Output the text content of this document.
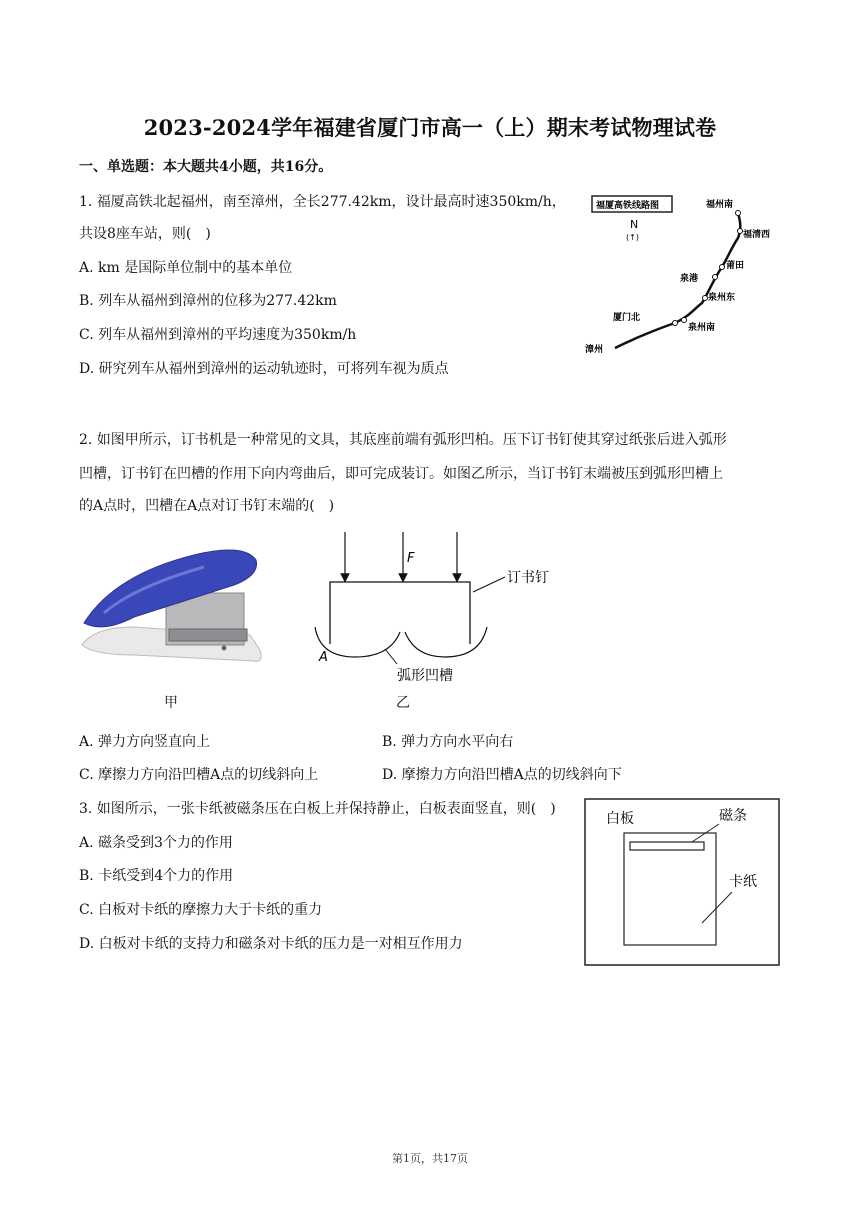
2023-2024学年福建省厦门市高一（上）期末考试物理试卷
一、单选题：本大题共4小题，共16分。
1. 福厦高铁北起福州，南至漳州，全长277.42km，设计最高时速350km/h，
共设8座车站，则(　)
A. km 是国际单位制中的基本单位
B. 列车从福州到漳州的位移为277.42km
C. 列车从福州到漳州的平均速度为350km/h
D. 研究列车从福州到漳州的运动轨迹时，可将列车视为质点
福厦高铁线路图
N
(↑)
福州南
福清西
莆田
泉港
泉州东
泉州南
厦门北
漳州
2. 如图甲所示，订书机是一种常见的文具，其底座前端有弧形凹柏。压下订书钉使其穿过纸张后进入弧形
凹槽，订书钉在凹槽的作用下向内弯曲后，即可完成装订。如图乙所示，当订书钉末端被压到弧形凹槽上
的A点时，凹槽在A点对订书钉末端的(　)
甲
F
A
订书钉
弧形凹槽
乙
A. 弹力方向竖直向上	B. 弹力方向水平向右
C. 摩擦力方向沿凹槽A点的切线斜向上	D. 摩擦力方向沿凹槽A点的切线斜向下
3. 如图所示，一张卡纸被磁条压在白板上并保持静止，白板表面竖直，则(　)
A. 磁条受到3个力的作用
B. 卡纸受到4个力的作用
C. 白板对卡纸的摩擦力大于卡纸的重力
D. 白板对卡纸的支持力和磁条对卡纸的压力是一对相互作用力
白板	磁条
卡纸
第1页，共17页
